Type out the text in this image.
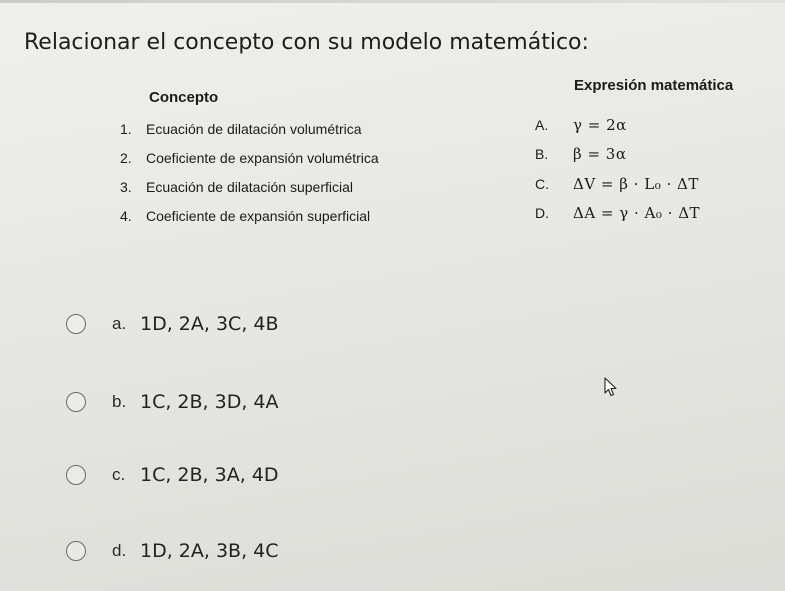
Relacionar el concepto con su modelo matemático:
Concepto
Expresión matemática
1.	Ecuación de dilatación volumétrica
2.	Coeficiente de expansión volumétrica
3.	Ecuación de dilatación superficial
4.	Coeficiente de expansión superficial
A.	γ = 2α
B.	β = 3α
C.	ΔV = β · L₀ · ΔT
D.	ΔA = γ · A₀ · ΔT
a. 1D, 2A, 3C, 4B
b. 1C, 2B, 3D, 4A
c. 1C, 2B, 3A, 4D
d. 1D, 2A, 3B, 4C
